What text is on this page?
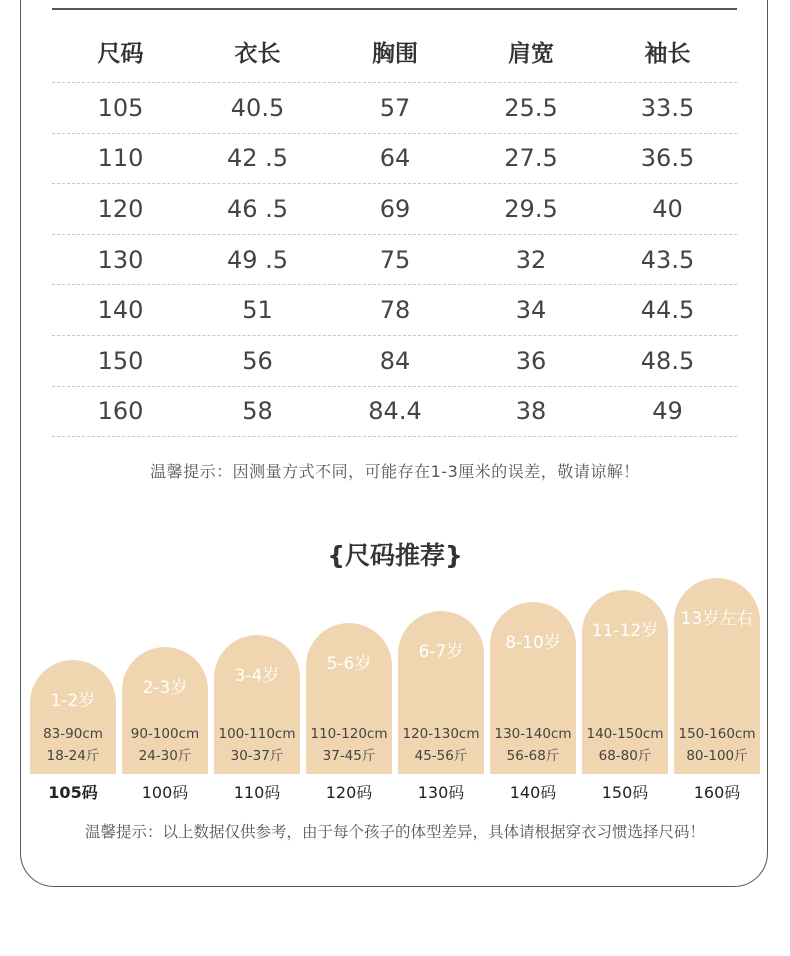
尺码	衣长	胸围	肩宽	袖长
105	40.5	57	25.5	33.5
110	42 .5	64	27.5	36.5
120	46 .5	69	29.5	40
130	49 .5	75	32	43.5
140	51	78	34	44.5
150	56	84	36	48.5
160	58	84.4	38	49
温馨提示：因测量方式不同，可能存在1-3厘米的误差，敬请谅解！
{尺码推荐}
1-2岁
83-90cm
18-24斤
2-3岁
90-100cm
24-30斤
3-4岁
100-110cm
30-37斤
5-6岁
110-120cm
37-45斤
6-7岁
120-130cm
45-56斤
8-10岁
130-140cm
56-68斤
11-12岁
140-150cm
68-80斤
13岁左右
150-160cm
80-100斤
105码	100码	110码	120码	130码	140码	150码	160码
温馨提示：以上数据仅供参考，由于每个孩子的体型差异，具体请根据穿衣习惯选择尺码！
